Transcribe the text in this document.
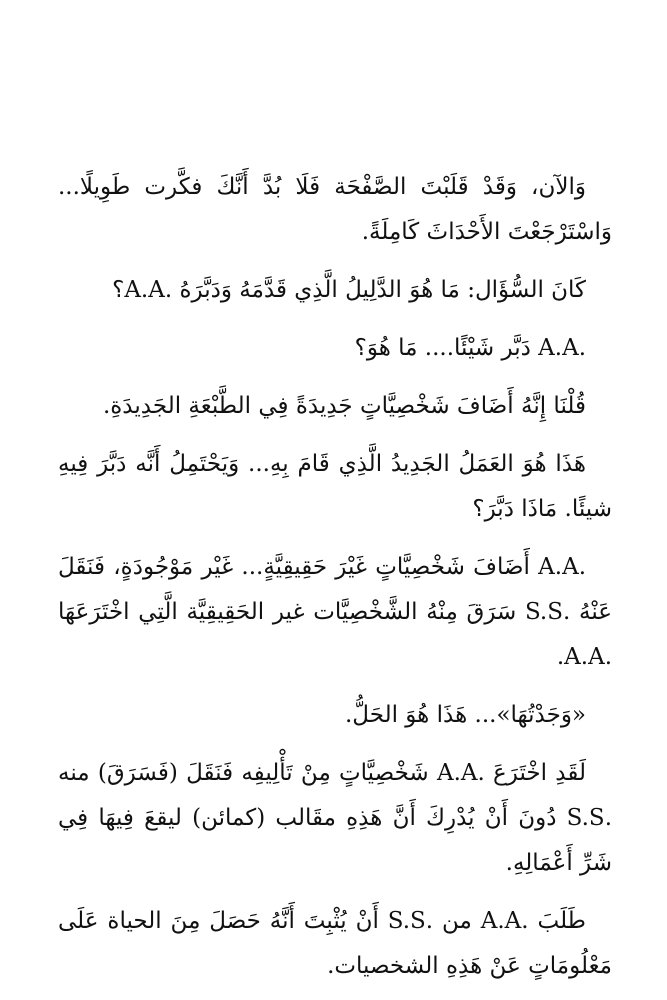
وَالآن، وَقَدْ قَلَبْتَ الصَّفْحَة فَلَا بُدَّ أَنَّكَ فكَّرت طَوِيلًا... وَاسْتَرْجَعْتَ الأَحْدَاثَ كَامِلَةً.

كَانَ السُّؤَال: مَا هُوَ الدَّلِيلُ الَّذِي قَدَّمَهُ وَدَبَّرَهُ .A.A؟

.A.A دَبَّر شَيْئًا.... مَا هُوَ؟

قُلْنَا إِنَّهُ أَضَافَ شَخْصِيَّاتٍ جَدِيدَةً فِي الطَّبْعَةِ الجَدِيدَةِ.

هَذَا هُوَ العَمَلُ الجَدِيدُ الَّذِي قَامَ بِهِ... وَيَحْتَمِلُ أَنَّه دَبَّرَ فِيهِ شيئًا. مَاذَا دَبَّرَ؟

.A.A أَضَافَ شَخْصِيَّاتٍ غَيْرَ حَقِيقِيَّةٍ... غَيْر مَوْجُودَةٍ، فَنَقَلَ عَنْهُ .S.S سَرَقَ مِنْهُ الشَّخْصِيَّات غير الحَقِيقِيَّة الَّتِي اخْتَرَعَهَا .A.A.

«وَجَدْتُهَا»... هَذَا هُوَ الحَلُّ.

لَقَدِ اخْتَرَعَ .A.A شَخْصِيَّاتٍ مِنْ تَأْلِيفِه فَنَقَلَ (فَسَرَقَ) منه .S.S دُونَ أَنْ يُدْرِكَ أَنَّ هَذِهِ مقَالب (كمائن) ليقعَ فِيهَا فِي شَرِّ أَعْمَالِهِ.

طَلَبَ .A.A من .S.S أَنْ يُثْبِتَ أَنَّهُ حَصَلَ مِنَ الحياة عَلَى مَعْلُومَاتٍ عَنْ هَذِهِ الشخصيات.
